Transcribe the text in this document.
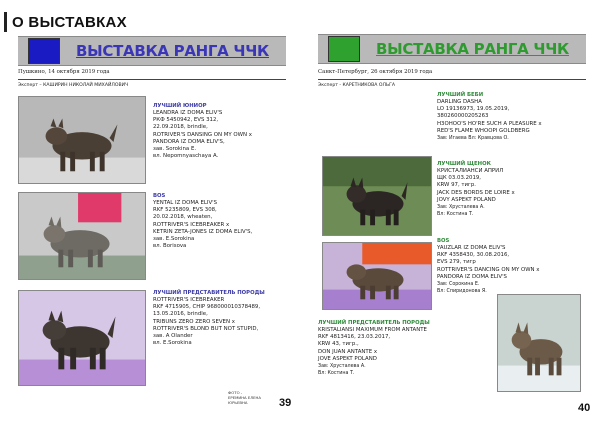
О ВЫСТАВКАХ
ВЫСТАВКА РАНГА ЧЧК
Пушкино, 14 октября 2019 года
Эксперт – КАШИРИН НИКОЛАЙ МИХАЙЛОВИЧ
ЛУЧШИЙ ЮНИОР
LEANDRA IZ DOMA ELIV'S
РКФ 5450942, EVS 312,
22.09.2018, brindle,
ROTRIVER'S DANSING ON MY OWN x
PANDORA IZ DOMA ELIV'S,
зав. Sorokina E.
вл. Nepomnyaschaya A.
BOS
YENTAL IZ DOMA ELIV'S
RKF 5235809, EVS 308,
20.02.2018, wheaten,
ROTTRIVER'S ICEBREAKER x
KETRIN ZETA-JONES IZ DOMA ELIV'S,
зав. E.Sorokina
вл. Borisova
ЛУЧШИЙ ПРЕДСТАВИТЕЛЬ ПОРОДЫ
ROTTRIVER'S ICEBREAKER
RKF 4715905, CHIP 968000010378489,
13.05.2016, brindle,
TRIBUNS ZERO ZERO SEVEN x
ROTTRIVER'S BLOND BUT NOT STUPID,
зав. A Olander
вл. E.Sorokina
ФОТО -
ЕРЕМИНА ЕЛЕНА
ЮРЬЕВНА	39
ВЫСТАВКА РАНГА ЧЧК
Санкт-Петербург, 26 октября 2019 года
Эксперт - КАРЕТНИКОВА ОЛЬГА
ЛУЧШИЙ БЕБИ
DARLING DASHA
LO 19136973, 19.05.2019,
380260000205263
H3OHOO'S HO'RE SUCH A PLEASURE x
RED'S FLAME WHOOPI GOLDBERG
Зав: Игаева Вл: Кравцова О.
ЛУЧШИЙ ЩЕНОК
КРИСТАЛИАНСИ АПРИЛ
ЩК 03.03.2019,
KRW 97, тигр.
JACK DES BORDS DE LOIRE x
JOVY ASPEKT POLAND
Зав: Хрусталева А.
Вл: Костина Т.
BOS
YAUZLAR IZ DOMA ELIV'S
RKF 4358430, 30.08.2016,
EVS 279, тигр
ROTTRIVER'S DANCING ON MY OWN x
PANDORA IZ DOMA ELIV'S
Зав: Сорокина Е.
Вл: Спиридонова Я.
ЛУЧШИЙ ПРЕДСТАВИТЕЛЬ ПОРОДЫ
KRISTALIANSI MAXIMUM FROM ANTANTE
RKF 4813416, 23.03.2017,
KRW 43, тигр.,
DON JUAN ANTANTE x
JOVE ASPEKT POLAND
Зав: Хрусталева А.
Вл: Костина Т.
40
